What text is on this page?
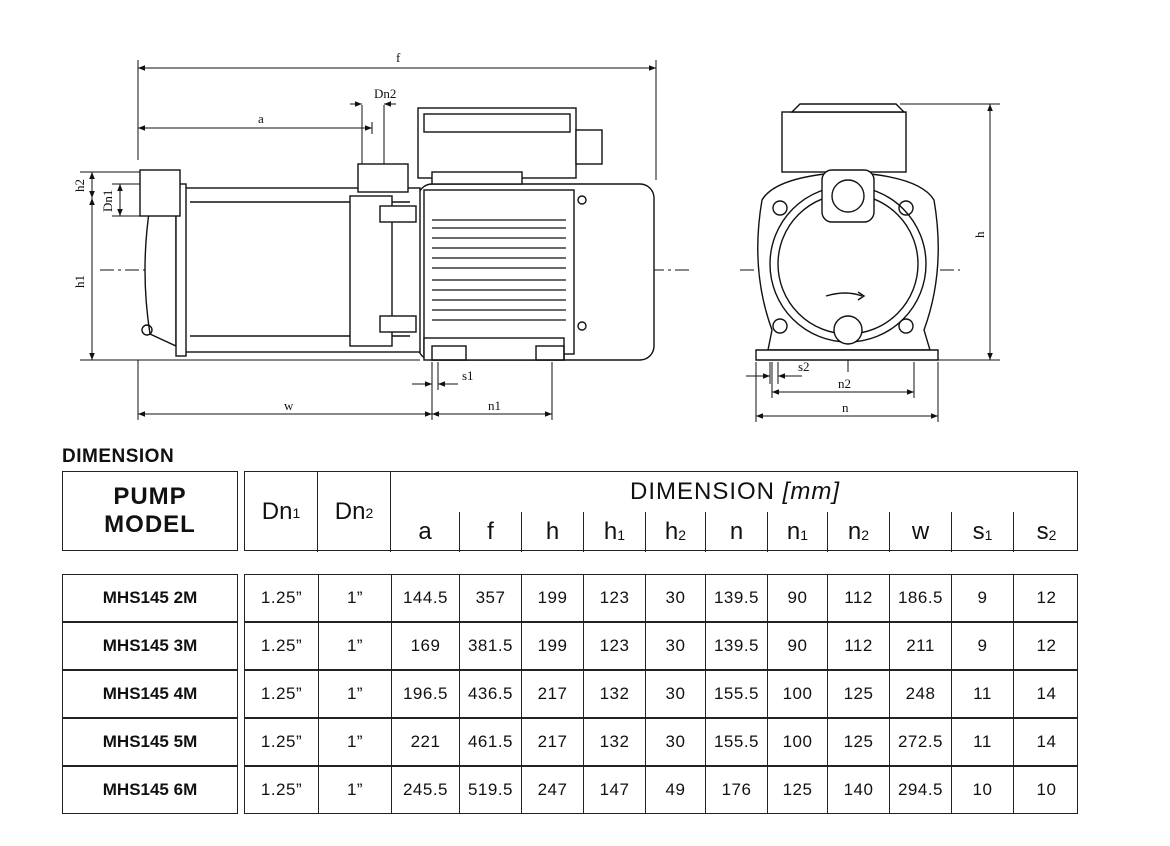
f
a
Dn2
h2
Dn1
h1
s1
w	n1
h
s2
n2
n
DIMENSION
PUMP
MODEL	$Dn_1$ $Dn_2$
DIMENSION [mm]
a	f	h	$h_1$	$h_2$	n	$n_1$	$n_2$	w	$s_1$	$s_2$
MHS145 2M	1.25”	1”	144.5	357	199	123	30	139.5	90	112	186.5	9	12
MHS145 3M	1.25”	1”	169	381.5	199	123	30	139.5	90	112	211	9	12
MHS145 4M	1.25”	1”	196.5	436.5	217	132	30	155.5	100	125	248	11	14
MHS145 5M	1.25”	1”	221	461.5	217	132	30	155.5	100	125	272.5	11	14
MHS145 6M	1.25”	1”	245.5	519.5	247	147	49	176	125	140	294.5	10	10
